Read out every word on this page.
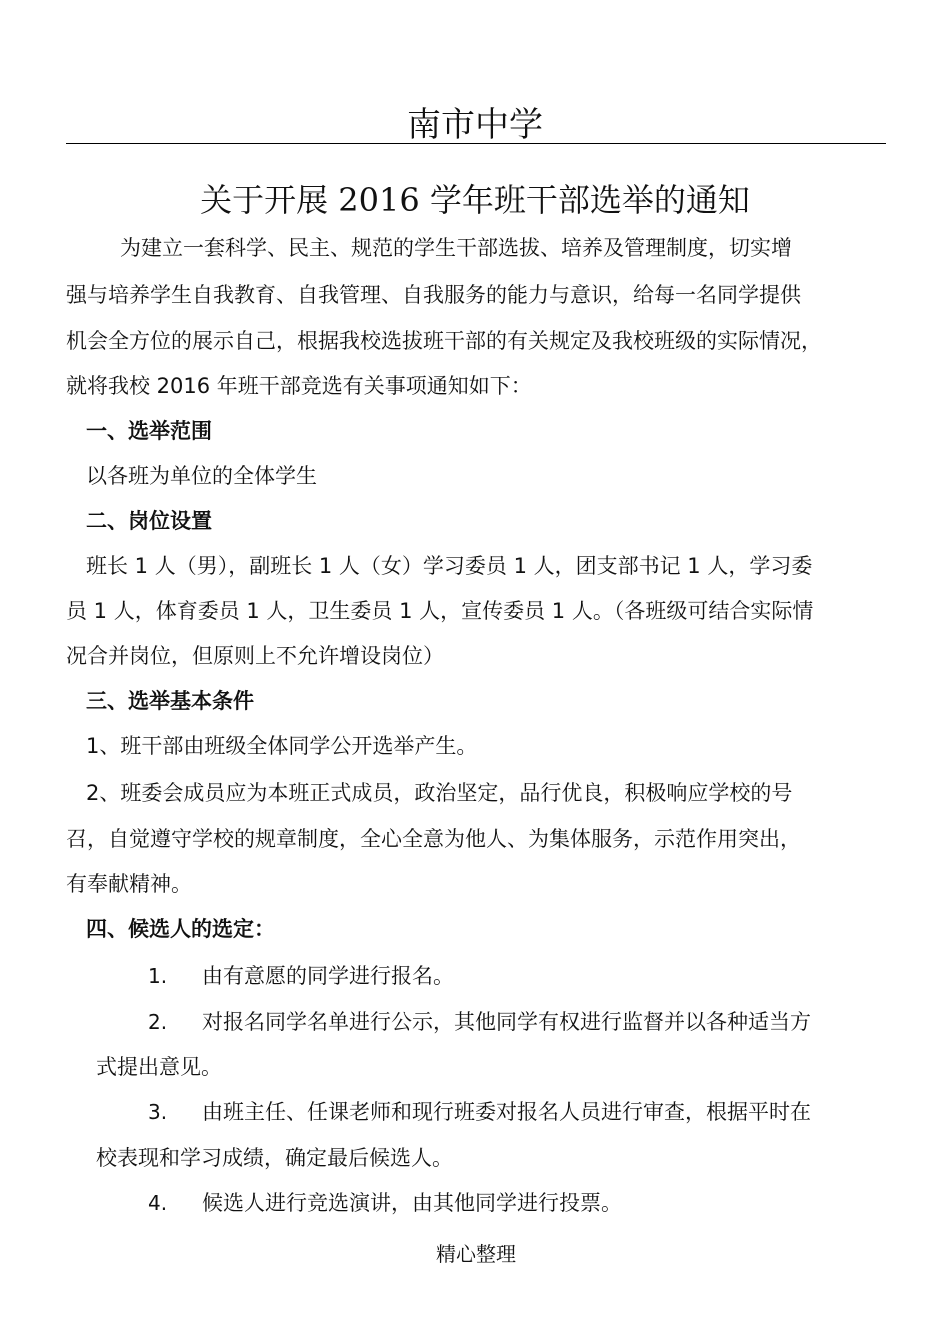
南市中学
关于开展 2016 学年班干部选举的通知
为建立一套科学、民主、规范的学生干部选拔、培养及管理制度，切实增
强与培养学生自我教育、自我管理、自我服务的能力与意识，给每一名同学提供
机会全方位的展示自己，根据我校选拔班干部的有关规定及我校班级的实际情况，
就将我校 2016 年班干部竞选有关事项通知如下：
一、选举范围
以各班为单位的全体学生
二、岗位设置
班长 1 人（男），副班长 1 人（女）学习委员 1 人，团支部书记 1 人，学习委
员 1 人，体育委员 1 人，卫生委员 1 人，宣传委员 1 人。（各班级可结合实际情
况合并岗位，但原则上不允许增设岗位）
三、选举基本条件
1、班干部由班级全体同学公开选举产生。
2、班委会成员应为本班正式成员，政治坚定，品行优良，积极响应学校的号
召，自觉遵守学校的规章制度，全心全意为他人、为集体服务，示范作用突出，
有奉献精神。
四、候选人的选定：
1. 由有意愿的同学进行报名。
2. 对报名同学名单进行公示，其他同学有权进行监督并以各种适当方
式提出意见。
3. 由班主任、任课老师和现行班委对报名人员进行审查，根据平时在
校表现和学习成绩，确定最后候选人。
4. 候选人进行竞选演讲，由其他同学进行投票。
精心整理
